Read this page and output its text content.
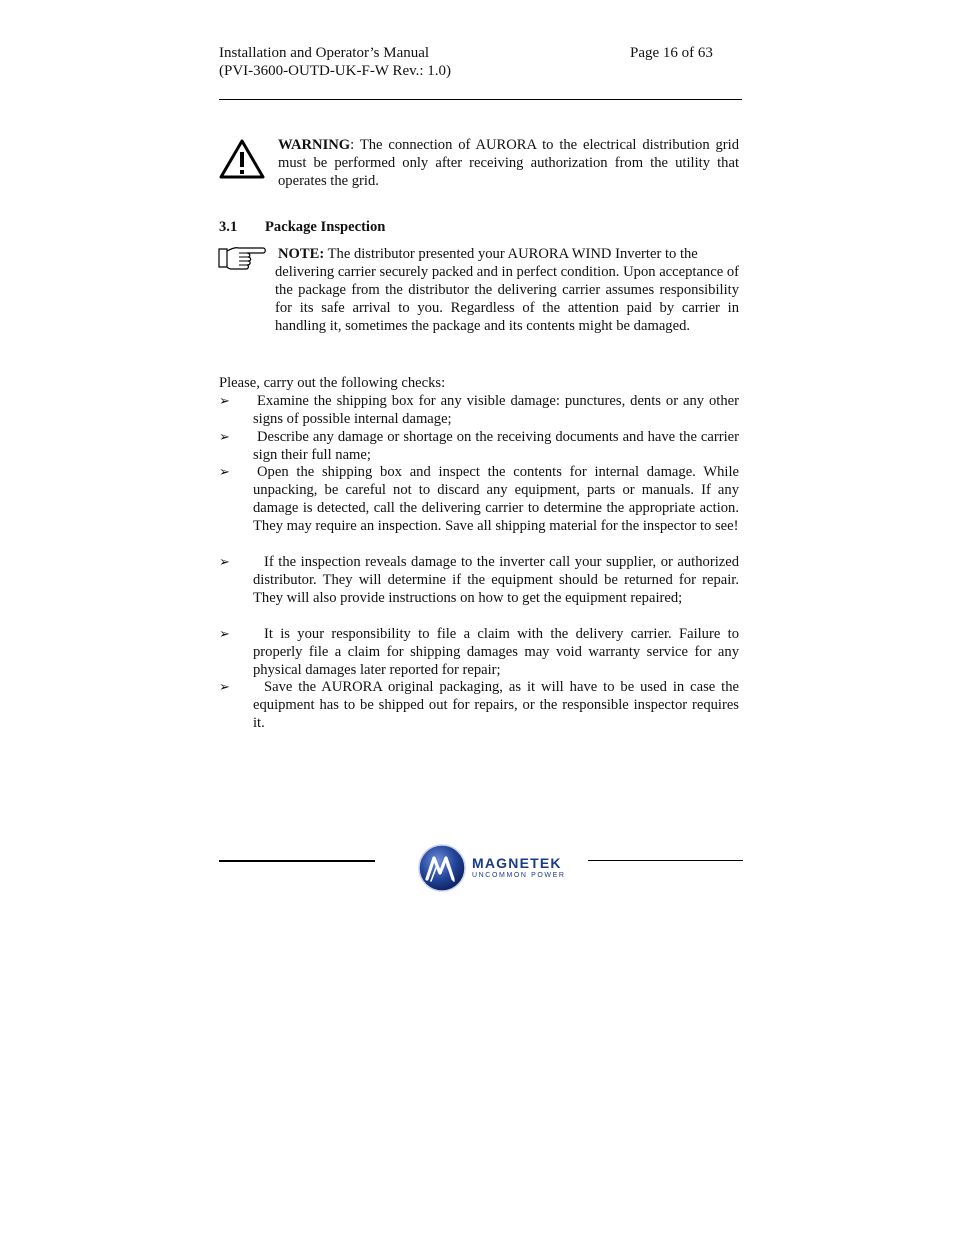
Installation and Operator’s Manual
(PVI-3600-OUTD-UK-F-W Rev.: 1.0)
Page 16 of 63
WARNING: The connection of AURORA to the electrical distribution grid must be performed only after receiving authorization from the utility that operates the grid.
3.1 Package Inspection
NOTE: The distributor presented your AURORA WIND Inverter to the
delivering carrier securely packed and in perfect condition. Upon acceptance of the package from the distributor the delivering carrier assumes responsibility for its safe arrival to you. Regardless of the attention paid by carrier in handling it, sometimes the package and its contents might be damaged.
Please, carry out the following checks:
➢ Examine the shipping box for any visible damage: punctures, dents or any other signs of possible internal damage;
➢ Describe any damage or shortage on the receiving documents and have the carrier sign their full name;
➢ Open the shipping box and inspect the contents for internal damage. While unpacking, be careful not to discard any equipment, parts or manuals. If any damage is detected, call the delivering carrier to determine the appropriate action. They may require an inspection. Save all shipping material for the inspector to see!
➢	If the inspection reveals damage to the inverter call your supplier, or authorized distributor. They will determine if the equipment should be returned for repair. They will also provide instructions on how to get the equipment repaired;
➢	It is your responsibility to file a claim with the delivery carrier. Failure to properly file a claim for shipping damages may void warranty service for any physical damages later reported for repair;
➢	Save the AURORA original packaging, as it will have to be used in case the equipment has to be shipped out for repairs, or the responsible inspector requires it.
MAGNETEK
UNCOMMON POWER
